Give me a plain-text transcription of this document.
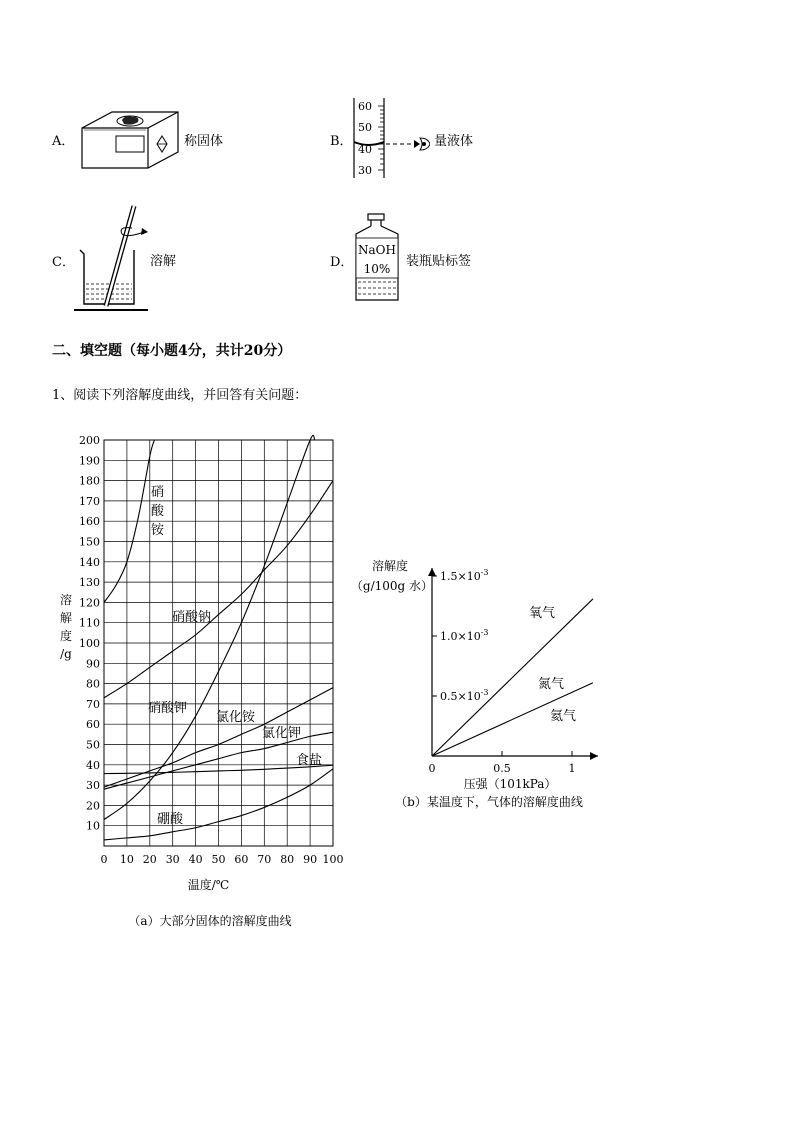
A．	称固体	B．
60
50
40
30
量液体
C．	溶解	D．
NaOH
10% 装瓶贴标签
二、填空题（每小题4分，共计20分）
1、阅读下列溶解度曲线，并回答有关问题：
200
190
180
170
160
150
140
130
120
110
100
90
80
70
60
50
40
30
20
10
0 10 20 30 40 50 60 70 80 90 100
溶
解
度
/g
温度/℃
（a）大部分固体的溶解度曲线
硝
酸
铵
硝酸钠
硝酸钾
氯化铵
氯化钾
食盐
硼酸
$1.5\times 10^{-3}$
$1.0\times 10^{-3}$
$0.5\times 10^{-3}$
0	0.5	1
溶解度
（g/100g 水）
压强（101kPa）
（b）某温度下，气体的溶解度曲线
氧气
氮气
氦气
